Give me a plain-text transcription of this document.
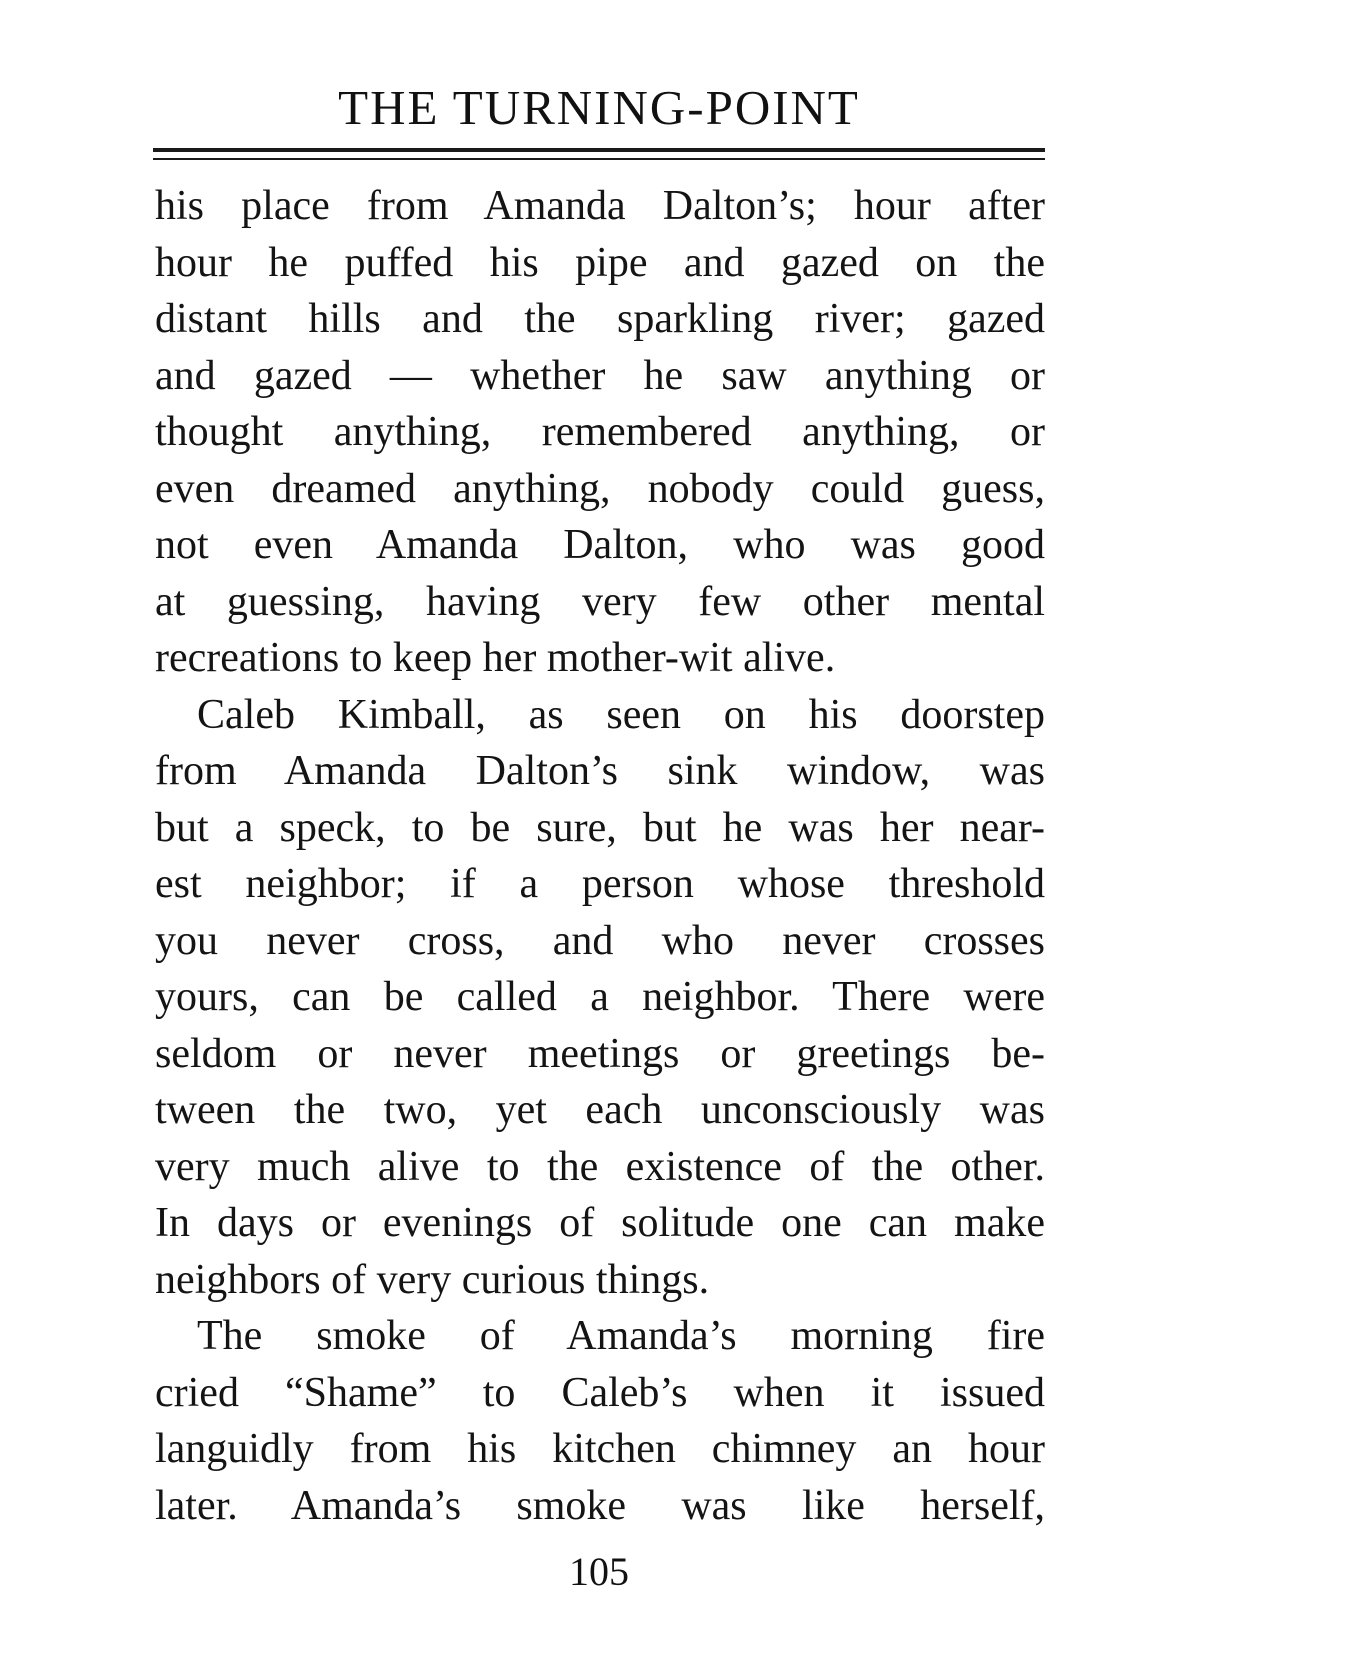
THE TURNING-POINT
his place from Amanda Dalton’s; hour after
hour he puffed his pipe and gazed on the
distant hills and the sparkling river; gazed
and gazed — whether he saw anything or
thought anything, remembered anything, or
even dreamed anything, nobody could guess,
not even Amanda Dalton, who was good
at guessing, having very few other mental
recreations to keep her mother-wit alive.
Caleb Kimball, as seen on his doorstep
from Amanda Dalton’s sink window, was
but a speck, to be sure, but he was her near-
est neighbor; if a person whose threshold
you never cross, and who never crosses
yours, can be called a neighbor. There were
seldom or never meetings or greetings be-
tween the two, yet each unconsciously was
very much alive to the existence of the other.
In days or evenings of solitude one can make
neighbors of very curious things.
The smoke of Amanda’s morning fire
cried “Shame” to Caleb’s when it issued
languidly from his kitchen chimney an hour
later. Amanda’s smoke was like herself,
105
